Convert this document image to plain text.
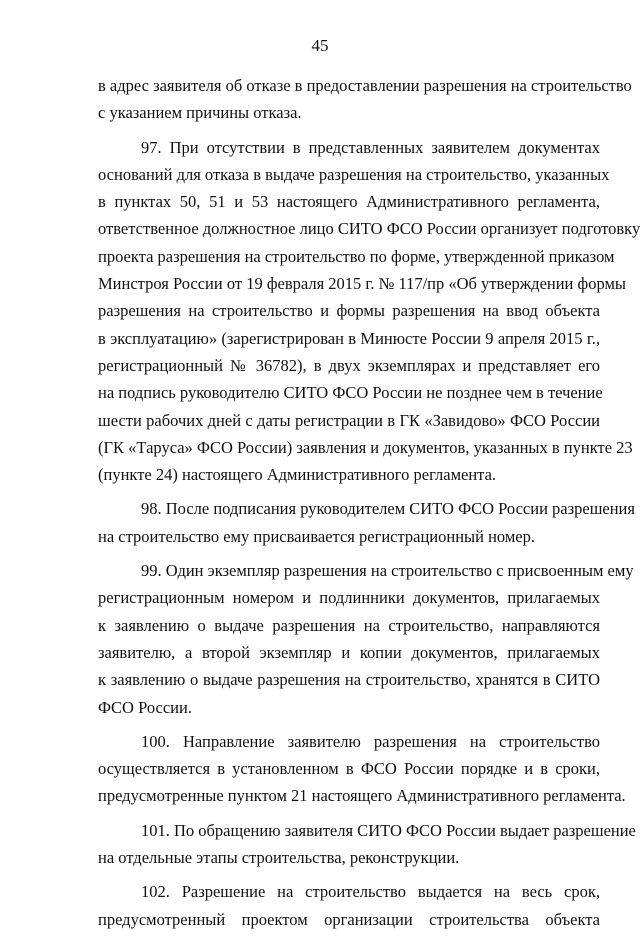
45

в адрес заявителя об отказе в предоставлении разрешения на строительство
с указанием причины отказа.

97. При отсутствии в представленных заявителем документах
оснований для отказа в выдаче разрешения на строительство, указанных
в пунктах 50, 51 и 53 настоящего Административного регламента,
ответственное должностное лицо СИТО ФСО России организует подготовку
проекта разрешения на строительство по форме, утвержденной приказом
Минстроя России от 19 февраля 2015 г. № 117/пр «Об утверждении формы
разрешения на строительство и формы разрешения на ввод объекта
в эксплуатацию» (зарегистрирован в Минюсте России 9 апреля 2015 г.,
регистрационный № 36782), в двух экземплярах и представляет его
на подпись руководителю СИТО ФСО России не позднее чем в течение
шести рабочих дней с даты регистрации в ГК «Завидово» ФСО России
(ГК «Таруса» ФСО России) заявления и документов, указанных в пункте 23
(пункте 24) настоящего Административного регламента.

98. После подписания руководителем СИТО ФСО России разрешения
на строительство ему присваивается регистрационный номер.

99. Один экземпляр разрешения на строительство с присвоенным ему
регистрационным номером и подлинники документов, прилагаемых
к заявлению о выдаче разрешения на строительство, направляются
заявителю, а второй экземпляр и копии документов, прилагаемых
к заявлению о выдаче разрешения на строительство, хранятся в СИТО
ФСО России.

100. Направление заявителю разрешения на строительство
осуществляется в установленном в ФСО России порядке и в сроки,
предусмотренные пунктом 21 настоящего Административного регламента.

101. По обращению заявителя СИТО ФСО России выдает разрешение
на отдельные этапы строительства, реконструкции.

102. Разрешение на строительство выдается на весь срок,
предусмотренный проектом организации строительства объекта
